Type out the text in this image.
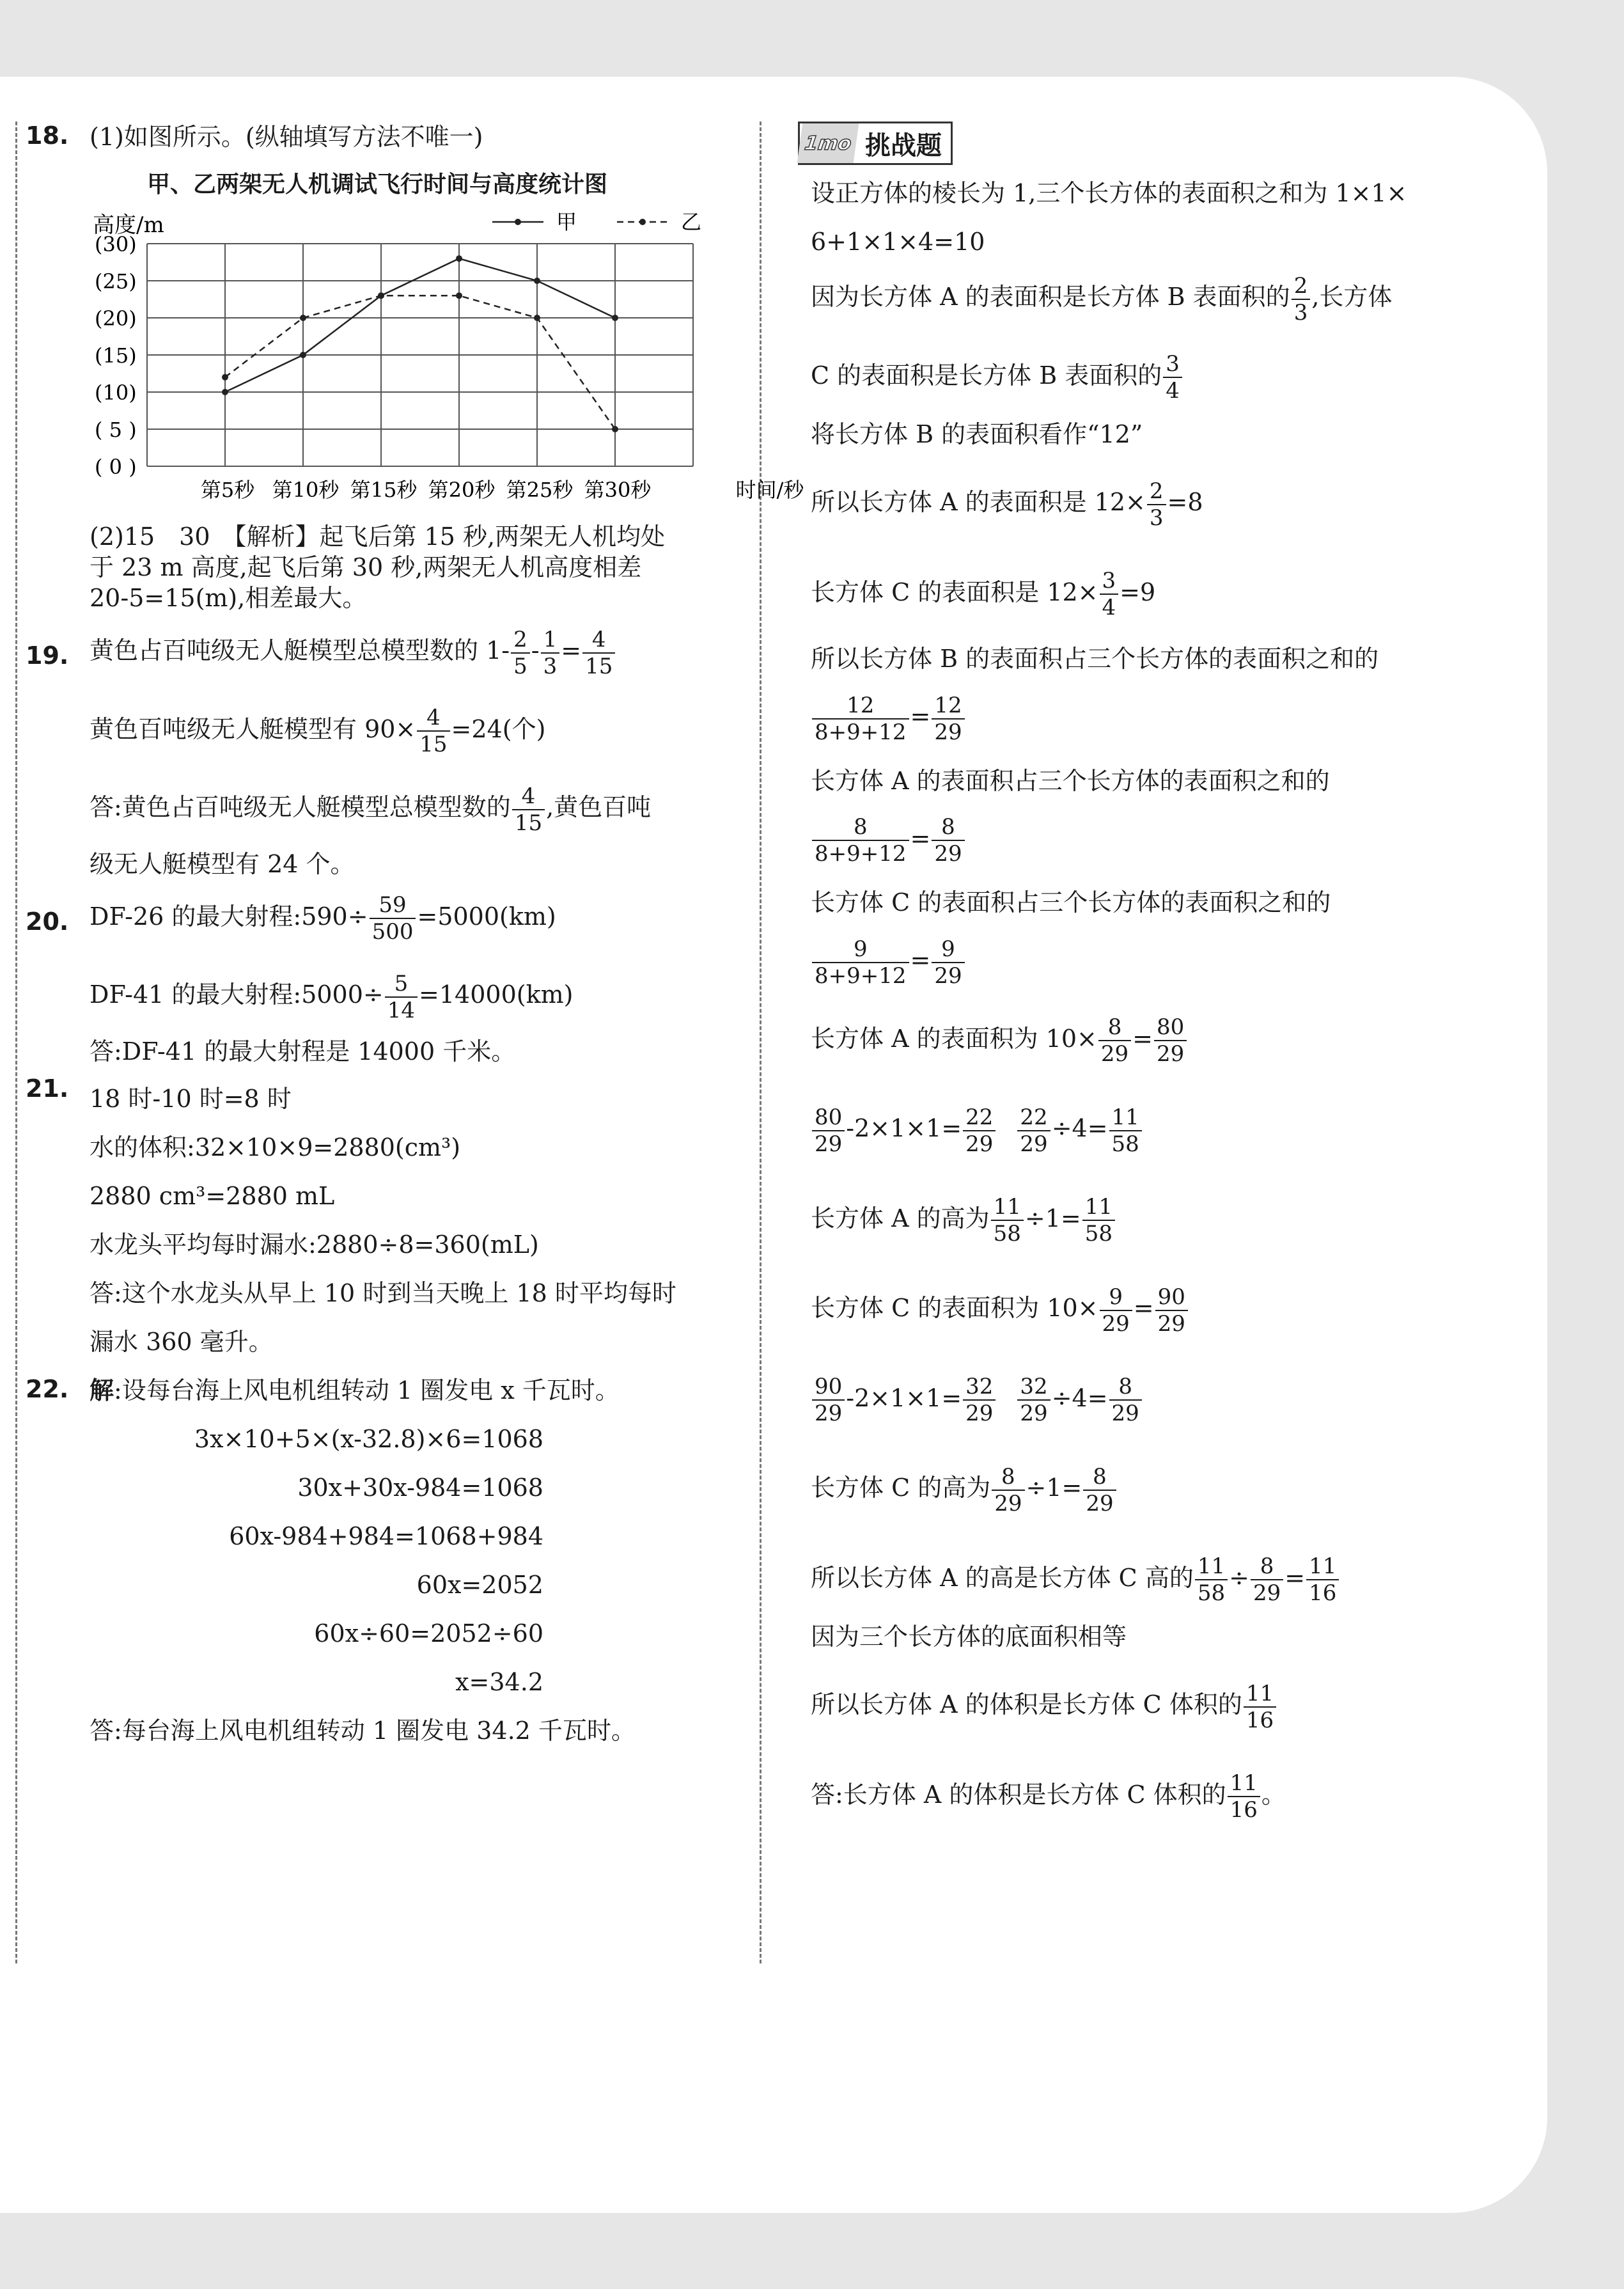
18. (1)如图所示。(纵轴填写方法不唯一)
甲、乙两架无人机调试飞行时间与高度统计图
高度/m
( 0 )
( 5 )
(10)
(15)
(20)
(25)
(30)
第5秒 第10秒 第15秒 第20秒 第25秒 第30秒	时间/秒
甲	乙
(2)15　30　【解析】起飞后第 15 秒,两架无人机均处
于 23 m 高度,起飞后第 30 秒,两架无人机高度相差
20-5=15(m),相差最大。
19. 黄色占百吨级无人艇模型总模型数的 $1- \frac{2}{5} - \frac{1}{3} = \frac{4}{15}$
黄色百吨级无人艇模型有 $90\times \frac{4}{15} =24$(个)
答:黄色占百吨级无人艇模型总模型数的 $\frac{4}{15}$ ,黄色百吨
级无人艇模型有 24 个。
20. DF-26 的最大射程:590÷ $\frac{59}{500} =5000(km)$
DF-41 的最大射程:5000÷ $\frac{5}{14} =14000(km)$
答:DF-41 的最大射程是 14000 千米。
21. 18 时-10 时=8 时
水的体积:32×10×9=2880(cm³)
2880 cm³=2880 mL
水龙头平均每时漏水:2880÷8=360(mL)
答:这个水龙头从早上 10 时到当天晚上 18 时平均每时
漏水 360 毫升。
22. 解:设每台海上风电机组转动 1 圈发电 x 千瓦时。
3x×10+5×(x-32.8)×6=1068
30x+30x-984=1068
60x-984+984=1068+984
60x=2052
60x÷60=2052÷60
x=34.2
答:每台海上风电机组转动 1 圈发电 34.2 千瓦时。
1mo 挑战题
设正方体的棱长为 1,三个长方体的表面积之和为 1×1×
6+1×1×4=10
因为长方体 A 的表面积是长方体 B 表面积的 $\frac{2}{3}$ ,长方体
C 的表面积是长方体 B 表面积的 $\frac{3}{4}$
将长方体 B 的表面积看作“12”
所以长方体 A 的表面积是 $12\times \frac{2}{3} =8$
长方体 C 的表面积是 $12\times \frac{3}{4} =9$
所以长方体 B 的表面积占三个长方体的表面积之和的
$\frac{12}{8+9+12} = \frac{12}{29}$
长方体 A 的表面积占三个长方体的表面积之和的
$\frac{8}{8+9+12} = \frac{8}{29}$
长方体 C 的表面积占三个长方体的表面积之和的
$\frac{9}{8+9+12} = \frac{9}{29}$
长方体 A 的表面积为 $10\times \frac{8}{29} = \frac{80}{29}$
$\frac{80}{29} -2\times 1\times 1= \frac{22}{29} \frac{22}{29} \div 4= \frac{11}{58}$
长方体 A 的高为 $\frac{11}{58} \div 1= \frac{11}{58}$
长方体 C 的表面积为 $10\times \frac{9}{29} = \frac{90}{29}$
$\frac{90}{29} -2\times 1\times 1= \frac{32}{29} \frac{32}{29} \div 4= \frac{8}{29}$
长方体 C 的高为 $\frac{8}{29} \div 1= \frac{8}{29}$
所以长方体 A 的高是长方体 C 高的 $\frac{11}{58} \div \frac{8}{29} = \frac{11}{16}$
因为三个长方体的底面积相等
所以长方体 A 的体积是长方体 C 体积的 $\frac{11}{16}$
答:长方体 A 的体积是长方体 C 体积的 $\frac{11}{16}$ 。
